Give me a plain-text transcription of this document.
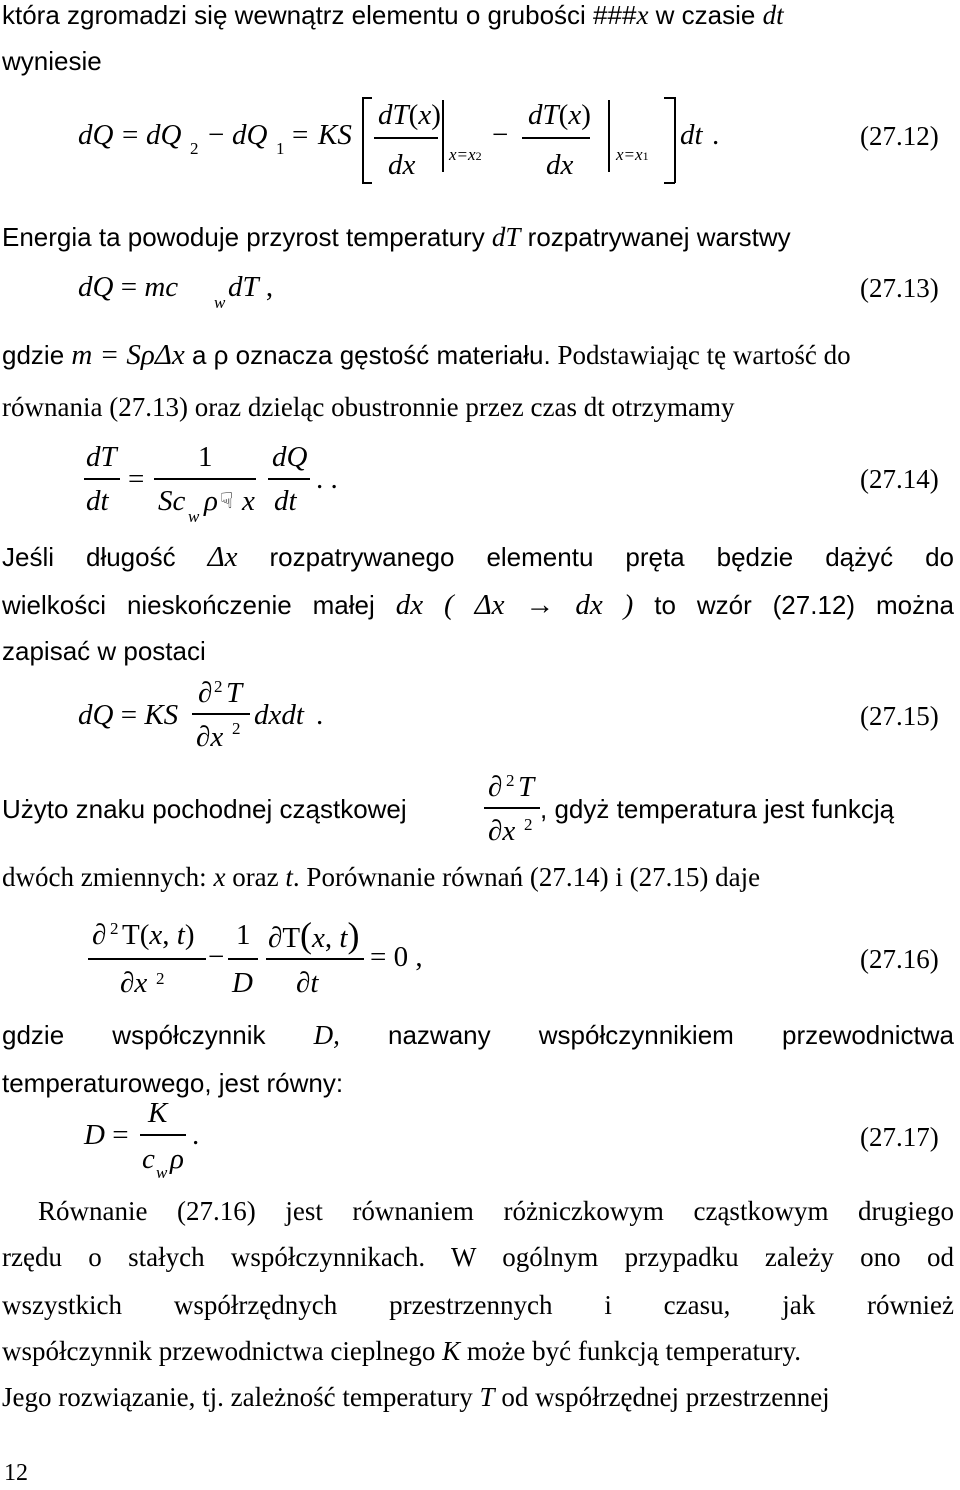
która zgromadzi się wewnątrz elementu o grubości ###x w czasie dt
wyniesie
dQ = dQ 2 − dQ 1 = KS
dT(x)
dx x=x2
−
dT(x)
dx	x=x1
dt .	(27.12)
Energia ta powoduje przyrost temperatury dT rozpatrywanej warstwy
dQ = mc w dT ,	(27.13)
gdzie m = SρΔx a ρ oznacza gęstość materiału. Podstawiając tę wartość do
równania (27.13) oraz dzieląc obustronnie przez czas dt otrzymamy
dT
dt
=
1
Sc w ρ ☟ x
dQ
dt
. .	(27.14)
Jeśli długość Δx rozpatrywanego elementu pręta będzie dążyć do
wielkości nieskończenie małej dx ( Δx → dx ) to wzór (27.12) można
zapisać w postaci
dQ = KS
∂ 2 T
∂x 2 dxdt .	(27.15)
Użyto znaku pochodnej cząstkowej
∂ 2 T
∂x 2
, gdyż temperatura jest funkcją
dwóch zmiennych: x oraz t. Porównanie równań (27.14) i (27.15) daje
∂ 2 T(x, t)
∂x 2
−
1
D
∂T(x, t)
∂t
= 0 ,	(27.16)
gdzie współczynnik D, nazwany współczynnikiem przewodnictwa
temperaturowego, jest równy:
D =
K
c w ρ
.	(27.17)
Równanie (27.16) jest równaniem różniczkowym cząstkowym drugiego
rzędu o stałych współczynnikach. W ogólnym przypadku zależy ono od
wszystkich współrzędnych przestrzennych i czasu, jak również
współczynnik przewodnictwa cieplnego K może być funkcją temperatury.
Jego rozwiązanie, tj. zależność temperatury T od współrzędnej przestrzennej
12
